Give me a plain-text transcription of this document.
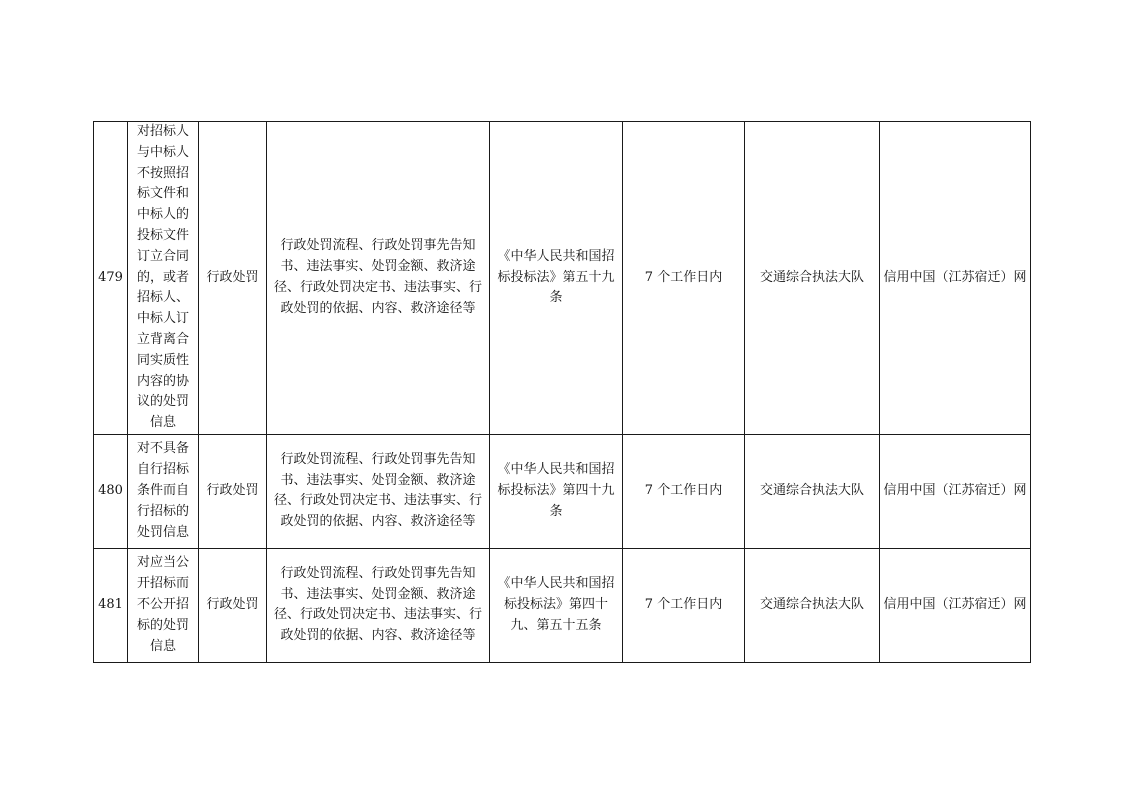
479	对招标人与中标人不按照招标文件和中标人的投标文件订立合同的，或者招标人、中标人订立背离合同实质性内容的协议的处罚信息	行政处罚	行政处罚流程、行政处罚事先告知书、违法事实、处罚金额、救济途径、行政处罚决定书、违法事实、行政处罚的依据、内容、救济途径等	《中华人民共和国招标投标法》第五十九条	7 个工作日内	交通综合执法大队	信用中国（江苏宿迁）网
480	对不具备自行招标条件而自行招标的处罚信息	行政处罚	行政处罚流程、行政处罚事先告知书、违法事实、处罚金额、救济途径、行政处罚决定书、违法事实、行政处罚的依据、内容、救济途径等	《中华人民共和国招标投标法》第四十九条	7 个工作日内	交通综合执法大队	信用中国（江苏宿迁）网
481	对应当公开招标而不公开招标的处罚信息	行政处罚	行政处罚流程、行政处罚事先告知书、违法事实、处罚金额、救济途径、行政处罚决定书、违法事实、行政处罚的依据、内容、救济途径等	《中华人民共和国招标投标法》第四十九、第五十五条	7 个工作日内	交通综合执法大队	信用中国（江苏宿迁）网
